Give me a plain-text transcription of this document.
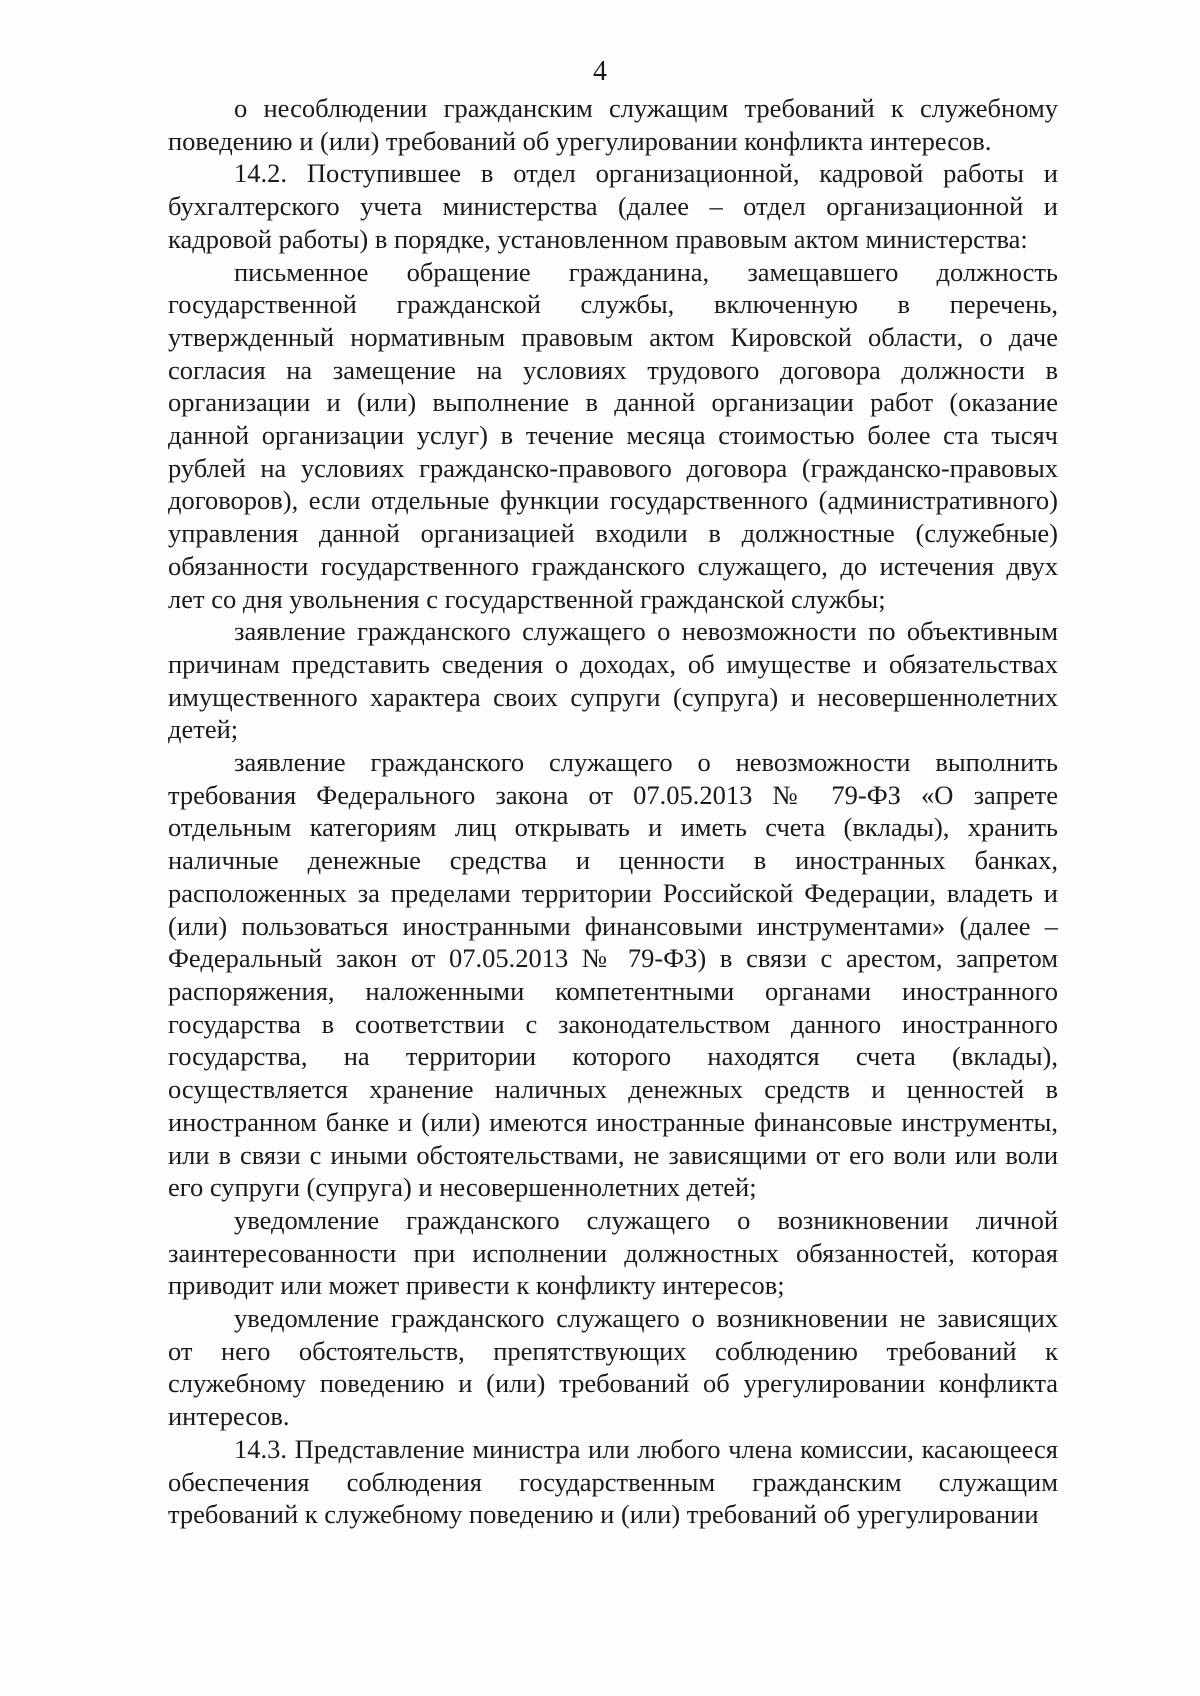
4

о несоблюдении гражданским служащим требований к служебному поведению и (или) требований об урегулировании конфликта интересов.

14.2. Поступившее в отдел организационной, кадровой работы и бухгалтерского учета министерства (далее – отдел организационной и кадровой работы) в порядке, установленном правовым актом министерства:

письменное обращение гражданина, замещавшего должность государственной гражданской службы, включенную в перечень, утвержденный нормативным правовым актом Кировской области, о даче согласия на замещение на условиях трудового договора должности в организации и (или) выполнение в данной организации работ (оказание данной организации услуг) в течение месяца стоимостью более ста тысяч рублей на условиях гражданско-правового договора (гражданско-правовых договоров), если отдельные функции государственного (административного) управления данной организацией входили в должностные (служебные) обязанности государственного гражданского служащего, до истечения двух лет со дня увольнения с государственной гражданской службы;

заявление гражданского служащего о невозможности по объективным причинам представить сведения о доходах, об имуществе и обязательствах имущественного характера своих супруги (супруга) и несовершеннолетних детей;

заявление гражданского служащего о невозможности выполнить требования Федерального закона от 07.05.2013 № 79-ФЗ «О запрете отдельным категориям лиц открывать и иметь счета (вклады), хранить наличные денежные средства и ценности в иностранных банках, расположенных за пределами территории Российской Федерации, владеть и (или) пользоваться иностранными финансовыми инструментами» (далее – Федеральный закон от 07.05.2013 № 79-ФЗ) в связи с арестом, запретом распоряжения, наложенными компетентными органами иностранного государства в соответствии с законодательством данного иностранного государства, на территории которого находятся счета (вклады), осуществляется хранение наличных денежных средств и ценностей в иностранном банке и (или) имеются иностранные финансовые инструменты, или в связи с иными обстоятельствами, не зависящими от его воли или воли его супруги (супруга) и несовершеннолетних детей;

уведомление гражданского служащего о возникновении личной заинтересованности при исполнении должностных обязанностей, которая приводит или может привести к конфликту интересов;

уведомление гражданского служащего о возникновении не зависящих от него обстоятельств, препятствующих соблюдению требований к служебному поведению и (или) требований об урегулировании конфликта интересов.

14.3. Представление министра или любого члена комиссии, касающееся обеспечения соблюдения государственным гражданским служащим требований к служебному поведению и (или) требований об урегулировании
